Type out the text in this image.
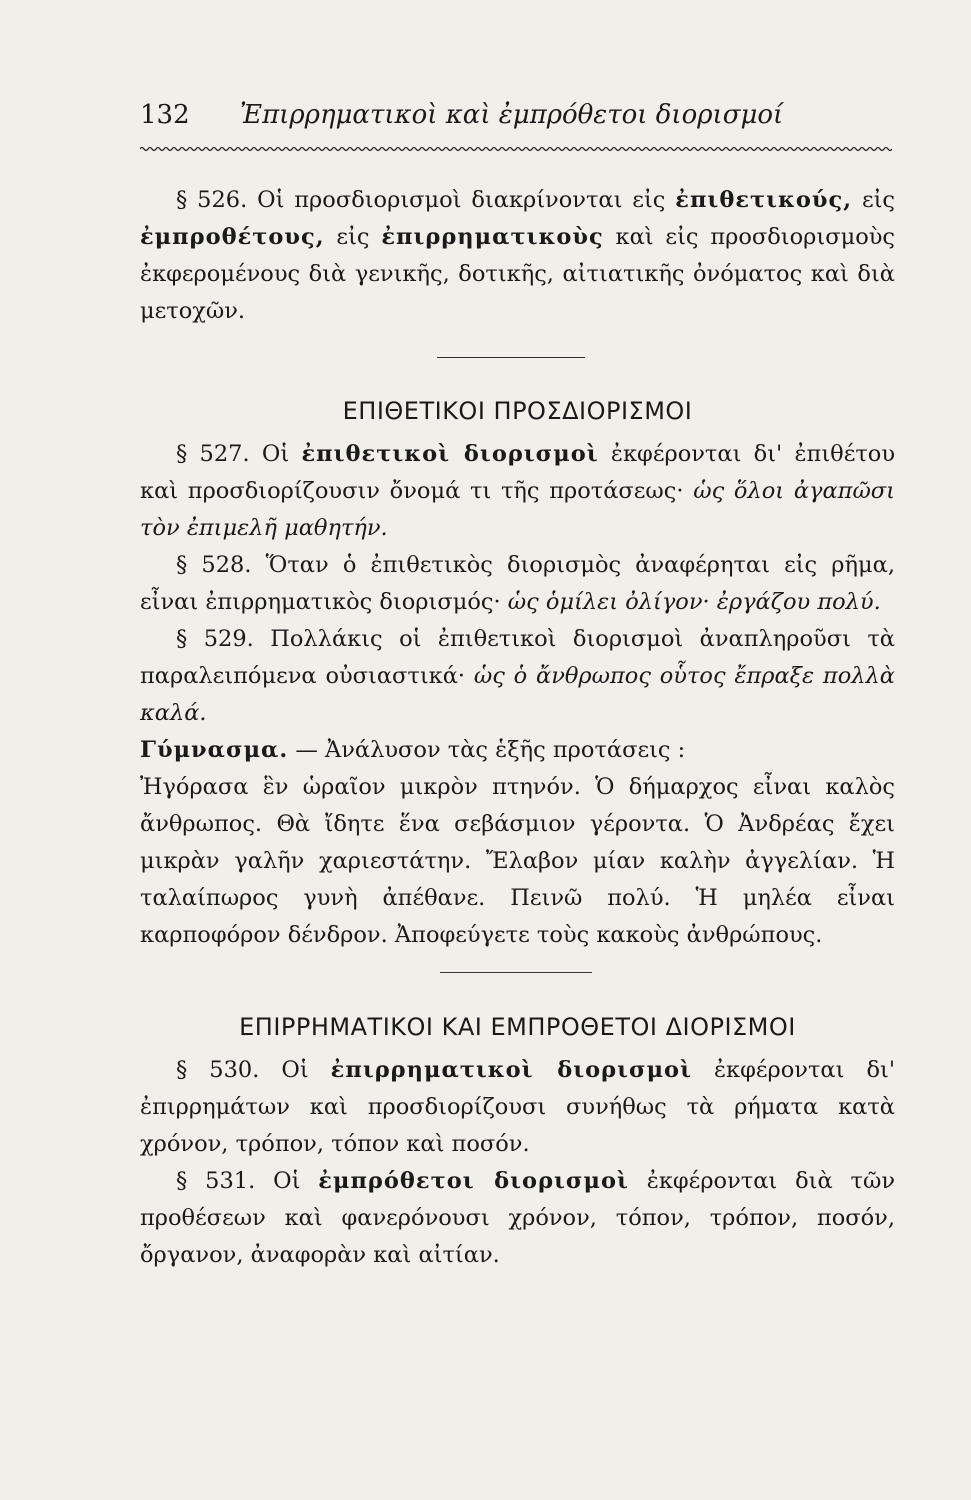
132 Ἐπιρρηματικοὶ καὶ ἐμπρόθετοι διορισμοί

§ 526. Οἱ προσδιορισμοὶ διακρίνονται εἰς ἐπιθετικούς, εἰς ἐμπροθέτους, εἰς ἐπιρρηματικοὺς καὶ εἰς προσδιορισμοὺς ἐκφερομένους διὰ γενικῆς, δοτικῆς, αἰτιατικῆς ὀνόματος καὶ διὰ μετοχῶν.

ΕΠΙΘΕΤΙΚΟΙ ΠΡΟΣΔΙΟΡΙΣΜΟΙ

§ 527. Οἱ ἐπιθετικοὶ διορισμοὶ ἐκφέρονται δι' ἐπιθέτου καὶ προσδιορίζουσιν ὄνομά τι τῆς προτάσεως· ὡς ὅλοι ἀγαπῶσι τὸν ἐπιμελῆ μαθητήν.

§ 528. Ὅταν ὁ ἐπιθετικὸς διορισμὸς ἀναφέρηται εἰς ρῆμα, εἶναι ἐπιρρηματικὸς διορισμός· ὡς ὁμίλει ὀλίγον· ἐργάζου πολύ.

§ 529. Πολλάκις οἱ ἐπιθετικοὶ διορισμοὶ ἀναπληροῦσι τὰ παραλειπόμενα οὐσιαστικά· ὡς ὁ ἄνθρωπος οὗτος ἔπραξε πολλὰ καλά.

Γύμνασμα. — Ἀνάλυσον τὰς ἑξῆς προτάσεις :

Ἠγόρασα ἓν ὡραῖον μικρὸν πτηνόν. Ὁ δήμαρχος εἶναι καλὸς ἄνθρωπος. Θὰ ἴδητε ἕνα σεβάσμιον γέροντα. Ὁ Ἀνδρέας ἔχει μικρὰν γαλῆν χαριεστάτην. Ἔλαβον μίαν καλὴν ἀγγελίαν. Ἡ ταλαίπωρος γυνὴ ἀπέθανε. Πεινῶ πολύ. Ἡ μηλέα εἶναι καρποφόρον δένδρον. Ἀποφεύγετε τοὺς κακοὺς ἀνθρώπους.

ΕΠΙΡΡΗΜΑΤΙΚΟΙ ΚΑΙ ΕΜΠΡΟΘΕΤΟΙ ΔΙΟΡΙΣΜΟΙ

§ 530. Οἱ ἐπιρρηματικοὶ διορισμοὶ ἐκφέρονται δι' ἐπιρρημάτων καὶ προσδιορίζουσι συνήθως τὰ ρήματα κατὰ χρόνον, τρόπον, τόπον καὶ ποσόν.

§ 531. Οἱ ἐμπρόθετοι διορισμοὶ ἐκφέρονται διὰ τῶν προθέσεων καὶ φανερόνουσι χρόνον, τόπον, τρόπον, ποσόν, ὄργανον, ἀναφορὰν καὶ αἰτίαν.
